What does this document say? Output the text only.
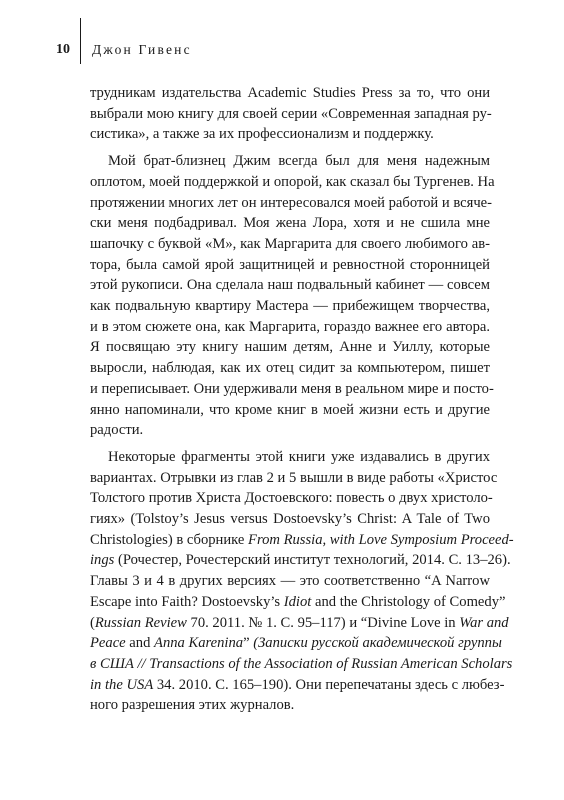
10	Джон Гивенс
трудникам издательства Academic Studies Press за то, что они
выбрали мою книгу для своей серии «Современная западная ру-
систика», а также за их профессионализм и поддержку.
Мой брат-близнец Джим всегда был для меня надежным
оплотом, моей поддержкой и опорой, как сказал бы Тургенев. На
протяжении многих лет он интересовался моей работой и всяче-
ски меня подбадривал. Моя жена Лора, хотя и не сшила мне
шапочку с буквой «М», как Маргарита для своего любимого ав-
тора, была самой ярой защитницей и ревностной сторонницей
этой рукописи. Она сделала наш подвальный кабинет — совсем
как подвальную квартиру Мастера — прибежищем творчества,
и в этом сюжете она, как Маргарита, гораздо важнее его автора.
Я посвящаю эту книгу нашим детям, Анне и Уиллу, которые
выросли, наблюдая, как их отец сидит за компьютером, пишет
и переписывает. Они удерживали меня в реальном мире и посто-
янно напоминали, что кроме книг в моей жизни есть и другие
радости.
Некоторые фрагменты этой книги уже издавались в других
вариантах. Отрывки из глав 2 и 5 вышли в виде работы «Христос
Толстого против Христа Достоевского: повесть о двух христоло-
гиях» (Tolstoy’s Jesus versus Dostoevsky’s Christ: A Tale of Two
Christologies) в сборнике From Russia, with Love Symposium Proceed-
ings (Рочестер, Рочестерский институт технологий, 2014. С. 13–26).
Главы 3 и 4 в других версиях — это соответственно “A Narrow
Escape into Faith? Dostoevsky’s Idiot and the Christology of Comedy”
(Russian Review 70. 2011. № 1. С. 95–117) и “Divine Love in War and
Peace and Anna Karenina” (Записки русской академической группы
в США // Transactions of the Association of Russian American Scholars
in the USA 34. 2010. С. 165–190). Они перепечатаны здесь с любез-
ного разрешения этих журналов.
